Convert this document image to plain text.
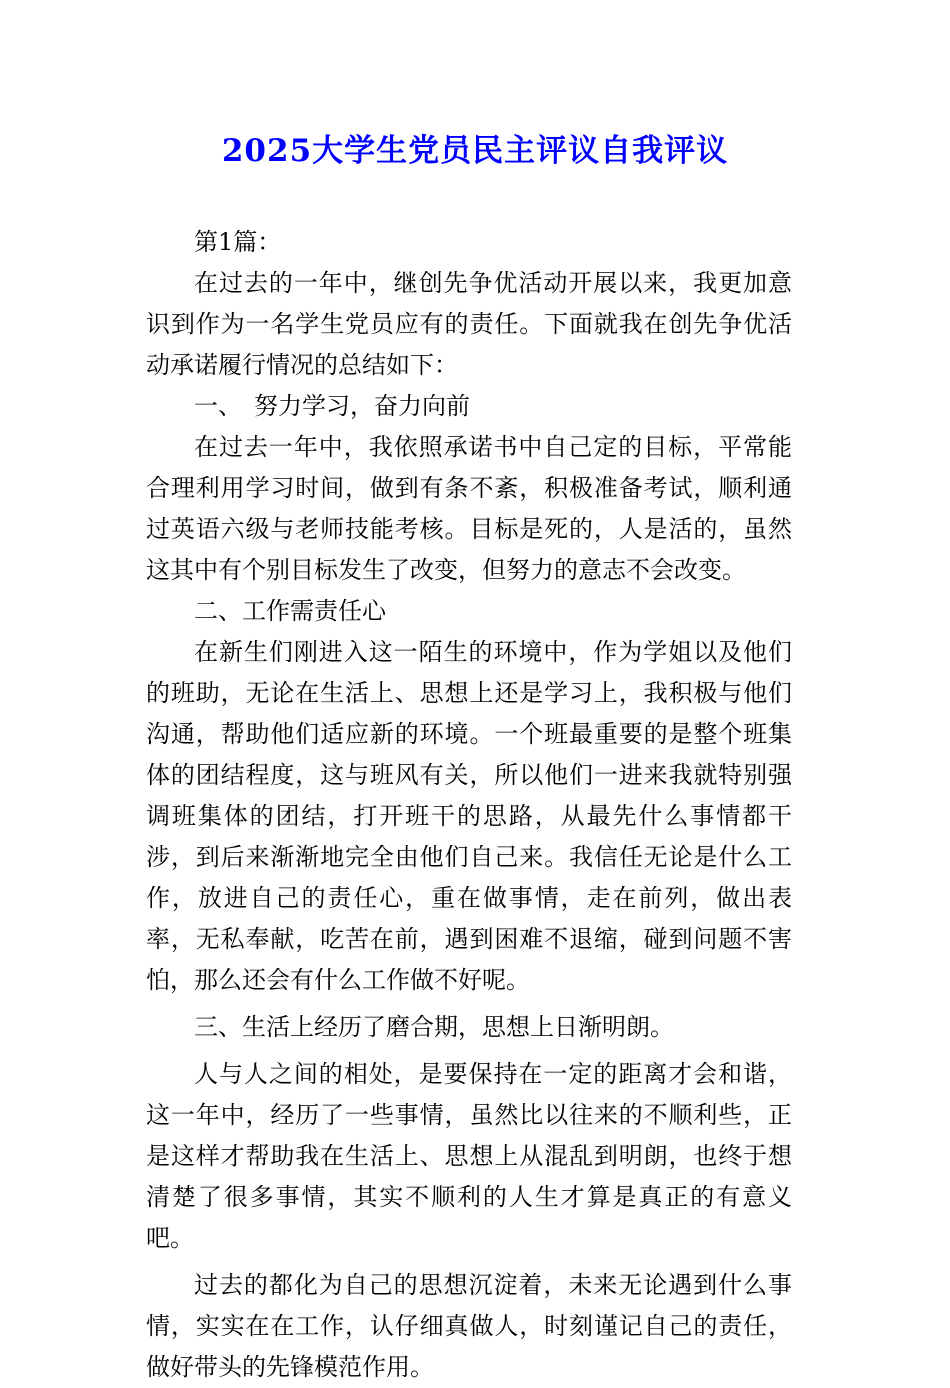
2025大学生党员民主评议自我评议

第1篇：

在过去的一年中，继创先争优活动开展以来，我更加意识到作为一名学生党员应有的责任。下面就我在创先争优活动承诺履行情况的总结如下：

一、　努力学习，奋力向前

在过去一年中，我依照承诺书中自己定的目标，平常能合理利用学习时间，做到有条不紊，积极准备考试，顺利通过英语六级与老师技能考核。目标是死的，人是活的，虽然这其中有个别目标发生了改变，但努力的意志不会改变。

二、工作需责任心

在新生们刚进入这一陌生的环境中，作为学姐以及他们的班助，无论在生活上、思想上还是学习上，我积极与他们沟通，帮助他们适应新的环境。一个班最重要的是整个班集体的团结程度，这与班风有关，所以他们一进来我就特别强调班集体的团结，打开班干的思路，从最先什么事情都干涉，到后来渐渐地完全由他们自己来。我信任无论是什么工作，放进自己的责任心，重在做事情，走在前列，做出表率，无私奉献，吃苦在前，遇到困难不退缩，碰到问题不害怕，那么还会有什么工作做不好呢。

三、生活上经历了磨合期，思想上日渐明朗。

人与人之间的相处，是要保持在一定的距离才会和谐，这一年中，经历了一些事情，虽然比以往来的不顺利些，正是这样才帮助我在生活上、思想上从混乱到明朗，也终于想清楚了很多事情，其实不顺利的人生才算是真正的有意义吧。

过去的都化为自己的思想沉淀着，未来无论遇到什么事情，实实在在工作，认仔细真做人，时刻谨记自己的责任，做好带头的先锋模范作用。
